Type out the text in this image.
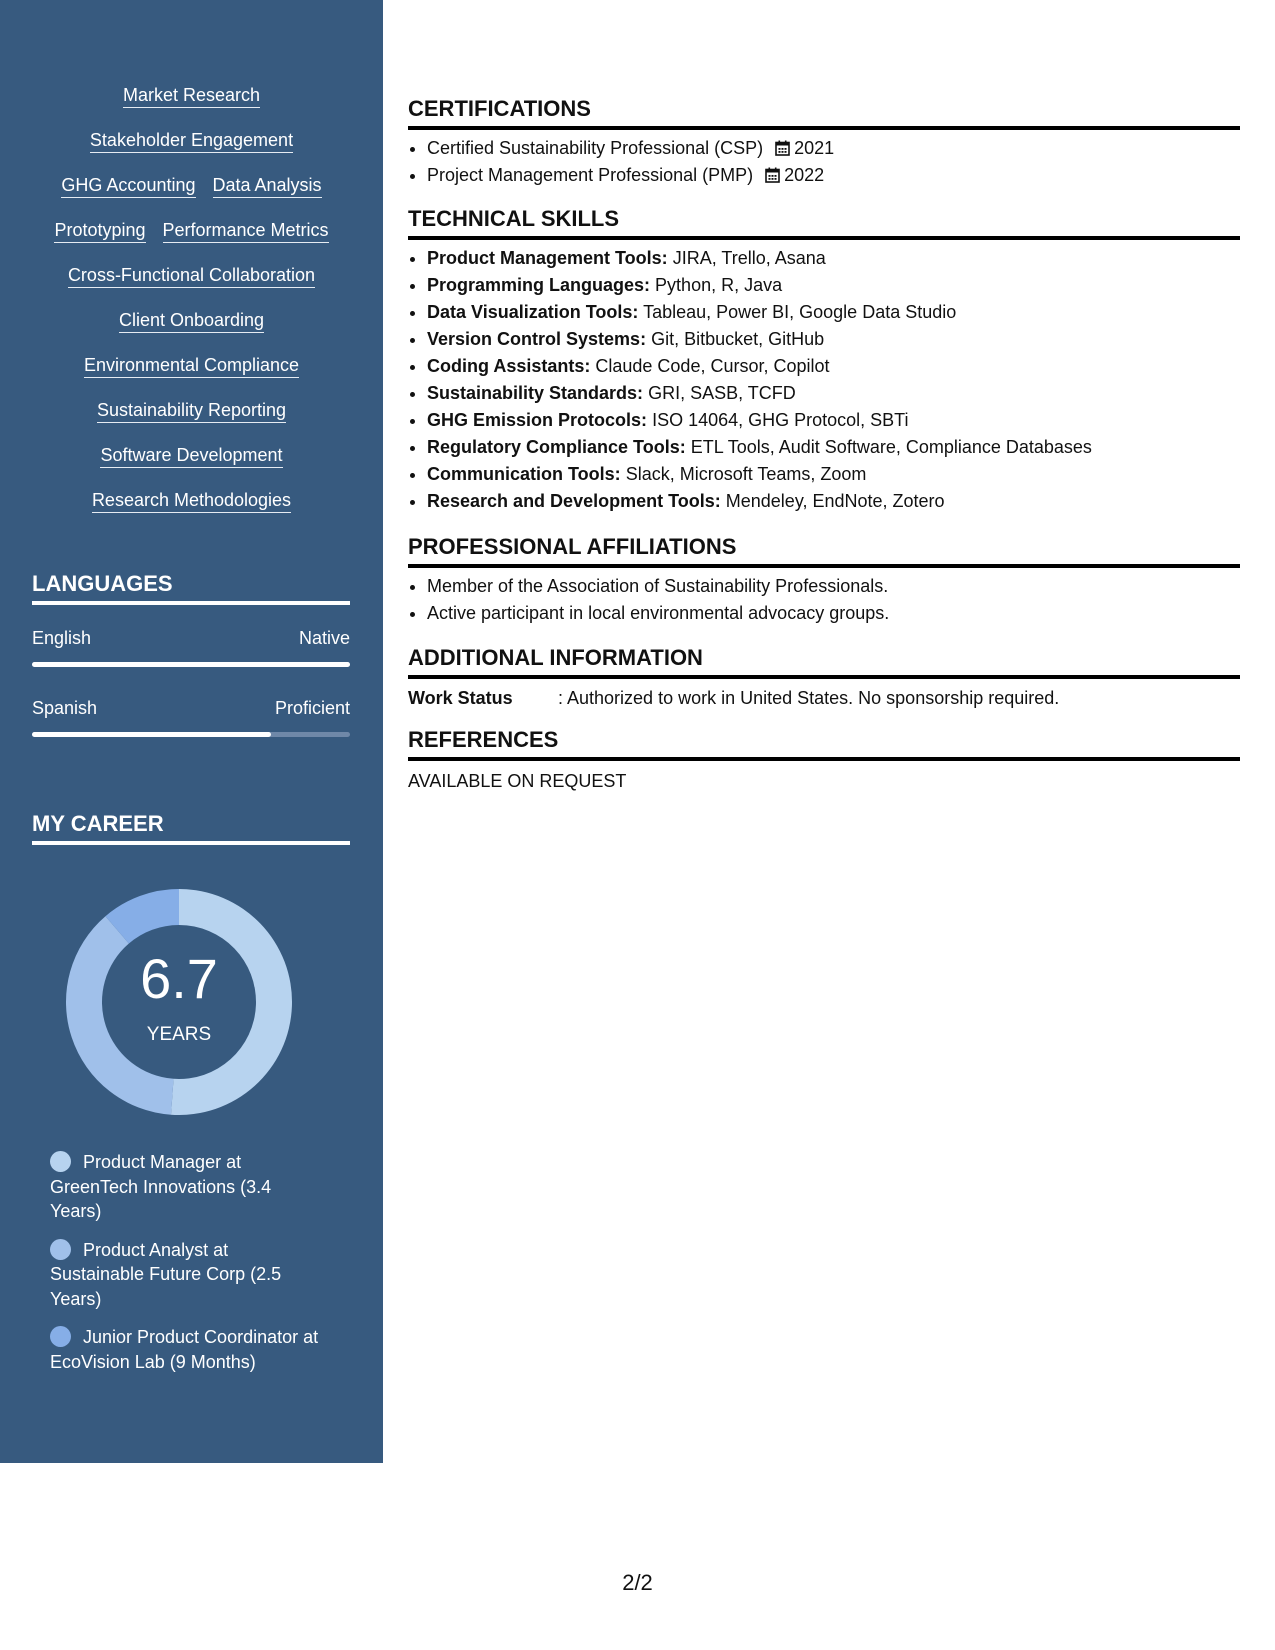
Market Research
Stakeholder Engagement
GHG Accounting Data Analysis
Prototyping Performance Metrics
Cross-Functional Collaboration
Client Onboarding
Environmental Compliance
Sustainability Reporting
Software Development
Research Methodologies
LANGUAGES
English	Native
Spanish	Proficient
MY CAREER
6.7
YEARS
Product Manager at GreenTech Innovations (3.4 Years)
Product Analyst at Sustainable Future Corp (2.5 Years)
Junior Product Coordinator at EcoVision Lab (9 Months)
CERTIFICATIONS
• Certified Sustainability Professional (CSP) 2021
• Project Management Professional (PMP) 2022
TECHNICAL SKILLS
• Product Management Tools: JIRA, Trello, Asana
• Programming Languages: Python, R, Java
• Data Visualization Tools: Tableau, Power BI, Google Data Studio
• Version Control Systems: Git, Bitbucket, GitHub
• Coding Assistants: Claude Code, Cursor, Copilot
• Sustainability Standards: GRI, SASB, TCFD
• GHG Emission Protocols: ISO 14064, GHG Protocol, SBTi
• Regulatory Compliance Tools: ETL Tools, Audit Software, Compliance Databases
• Communication Tools: Slack, Microsoft Teams, Zoom
• Research and Development Tools: Mendeley, EndNote, Zotero
PROFESSIONAL AFFILIATIONS
• Member of the Association of Sustainability Professionals.
• Active participant in local environmental advocacy groups.
ADDITIONAL INFORMATION
Work Status	: Authorized to work in United States. No sponsorship required.
REFERENCES
AVAILABLE ON REQUEST
2/2
